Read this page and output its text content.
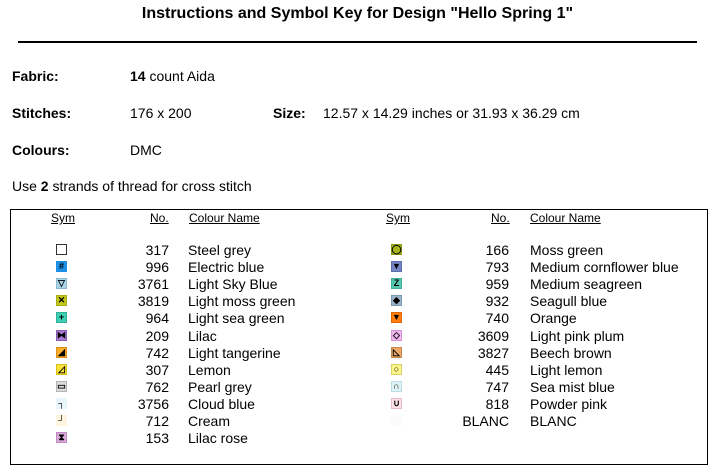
Instructions and Symbol Key for Design "Hello Spring 1"
Fabric:	14 count Aida
Stitches:	176 x 200	Size: 12.57 x 14.29 inches or 31.93 x 36.29 cm
Colours:	DMC
Use 2 strands of thread for cross stitch
Sym	No. Colour Name	Sym	No. Colour Name
317 Steel grey
#	996 Electric blue
▽	3761 Light Sky Blue
✕	3819 Light moss green
+	964 Light sea green
⧓	209 Lilac
◢	742 Light tangerine
◿	307 Lemon
▭	762 Pearl grey
┐	3756 Cloud blue
┘	712 Cream
⧗	153 Lilac rose
◯	166 Moss green
▼	793 Medium cornflower blue
Z	959 Medium seagreen
◆	932 Seagull blue
▼	740 Orange
◇	3609 Light pink plum
◺	3827 Beech brown
○	445 Light lemon
∩	747 Sea mist blue
∪	818 Powder pink
BLANC BLANC
